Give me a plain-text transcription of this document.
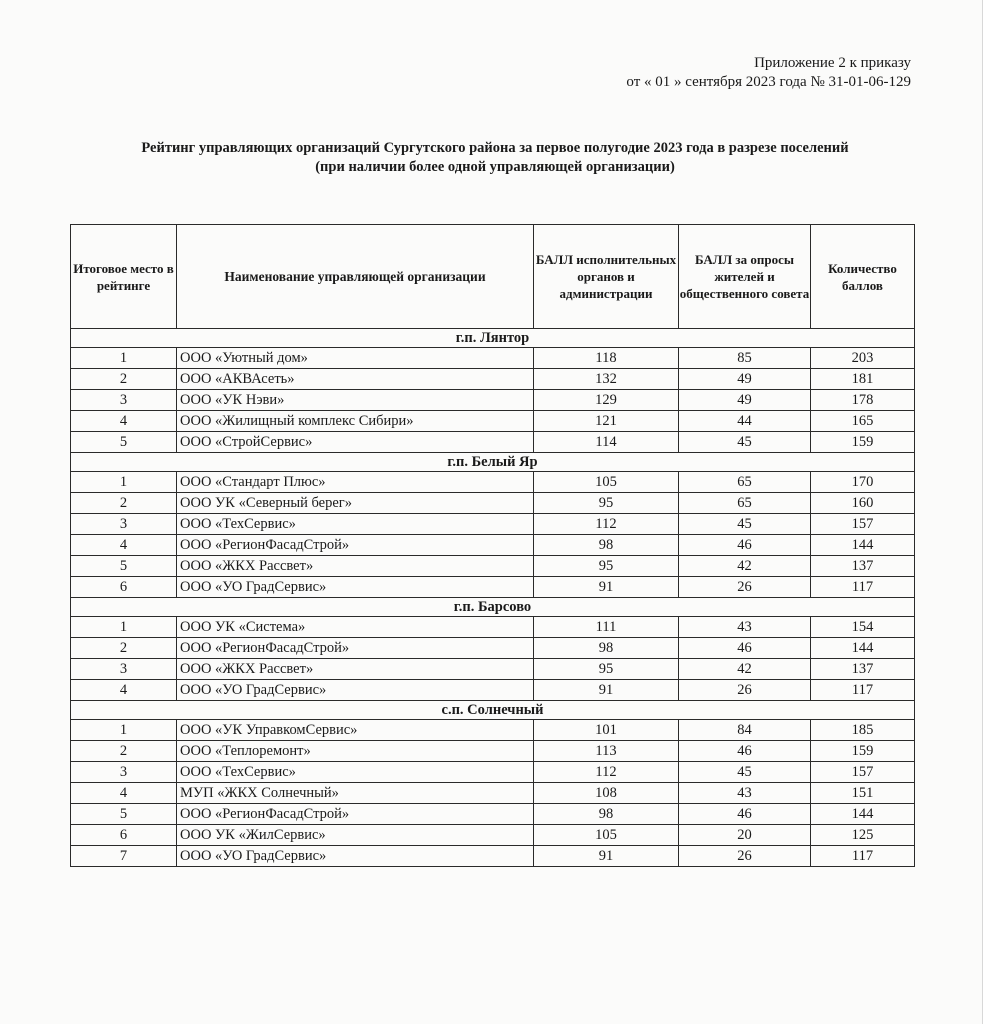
Приложение 2 к приказу
от « 01 » сентября 2023 года № 31-01-06-129
Рейтинг управляющих организаций Сургутского района за первое полугодие 2023 года в разрезе поселений
(при наличии более одной управляющей организации)
Итоговое место в рейтинге	Наименование управляющей организации	БАЛЛ исполнительных органов и администрации	БАЛЛ за опросы жителей и общественного совета	Количество баллов
г.п. Лянтор				
1	ООО «Уютный дом»	118	85	203
2	ООО «АКВАсеть»	132	49	181
3	ООО «УК Нэви»	129	49	178
4	ООО «Жилищный комплекс Сибири»	121	44	165
5	ООО «СтройСервис»	114	45	159
г.п. Белый Яр				
1	ООО «Стандарт Плюс»	105	65	170
2	ООО УК «Северный берег»	95	65	160
3	ООО «ТехСервис»	112	45	157
4	ООО «РегионФасадСтрой»	98	46	144
5	ООО «ЖКХ Рассвет»	95	42	137
6	ООО «УО ГрадСервис»	91	26	117
г.п. Барсово				
1	ООО УК «Система»	111	43	154
2	ООО «РегионФасадСтрой»	98	46	144
3	ООО «ЖКХ Рассвет»	95	42	137
4	ООО «УО ГрадСервис»	91	26	117
с.п. Солнечный				
1	ООО «УК УправкомСервис»	101	84	185
2	ООО «Теплоремонт»	113	46	159
3	ООО «ТехСервис»	112	45	157
4	МУП «ЖКХ Солнечный»	108	43	151
5	ООО «РегионФасадСтрой»	98	46	144
6	ООО УК «ЖилСервис»	105	20	125
7	ООО «УО ГрадСервис»	91	26	117
